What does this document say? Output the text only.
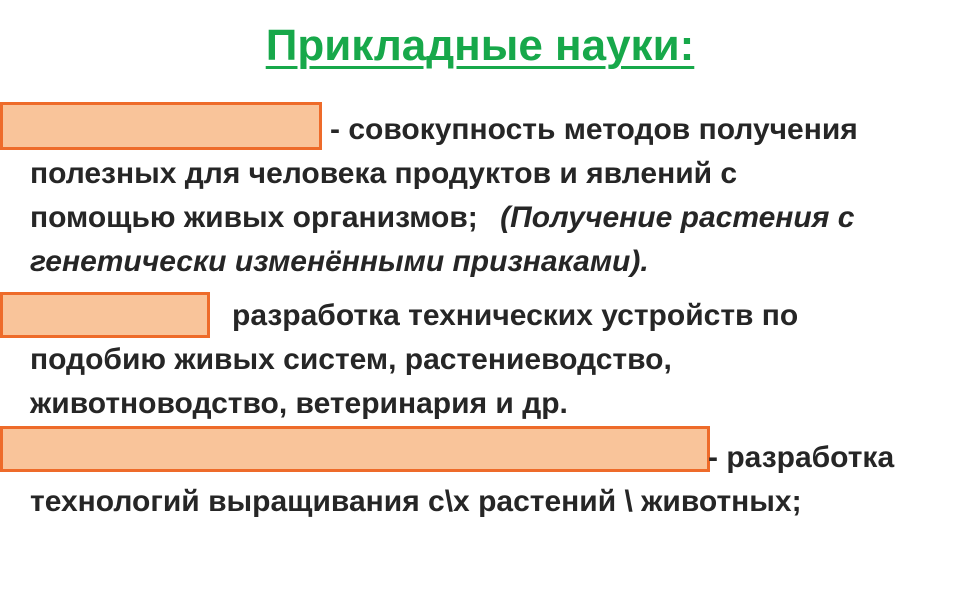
Прикладные науки:
- совокупность методов получения
полезных для человека продуктов и явлений с
помощью живых организмов; (Получение растения с
генетически изменёнными признаками).
разработка технических устройств по
подобию живых систем, растениеводство,
животноводство, ветеринария и др.
- разработка
технологий выращивания с\х растений \ животных;
